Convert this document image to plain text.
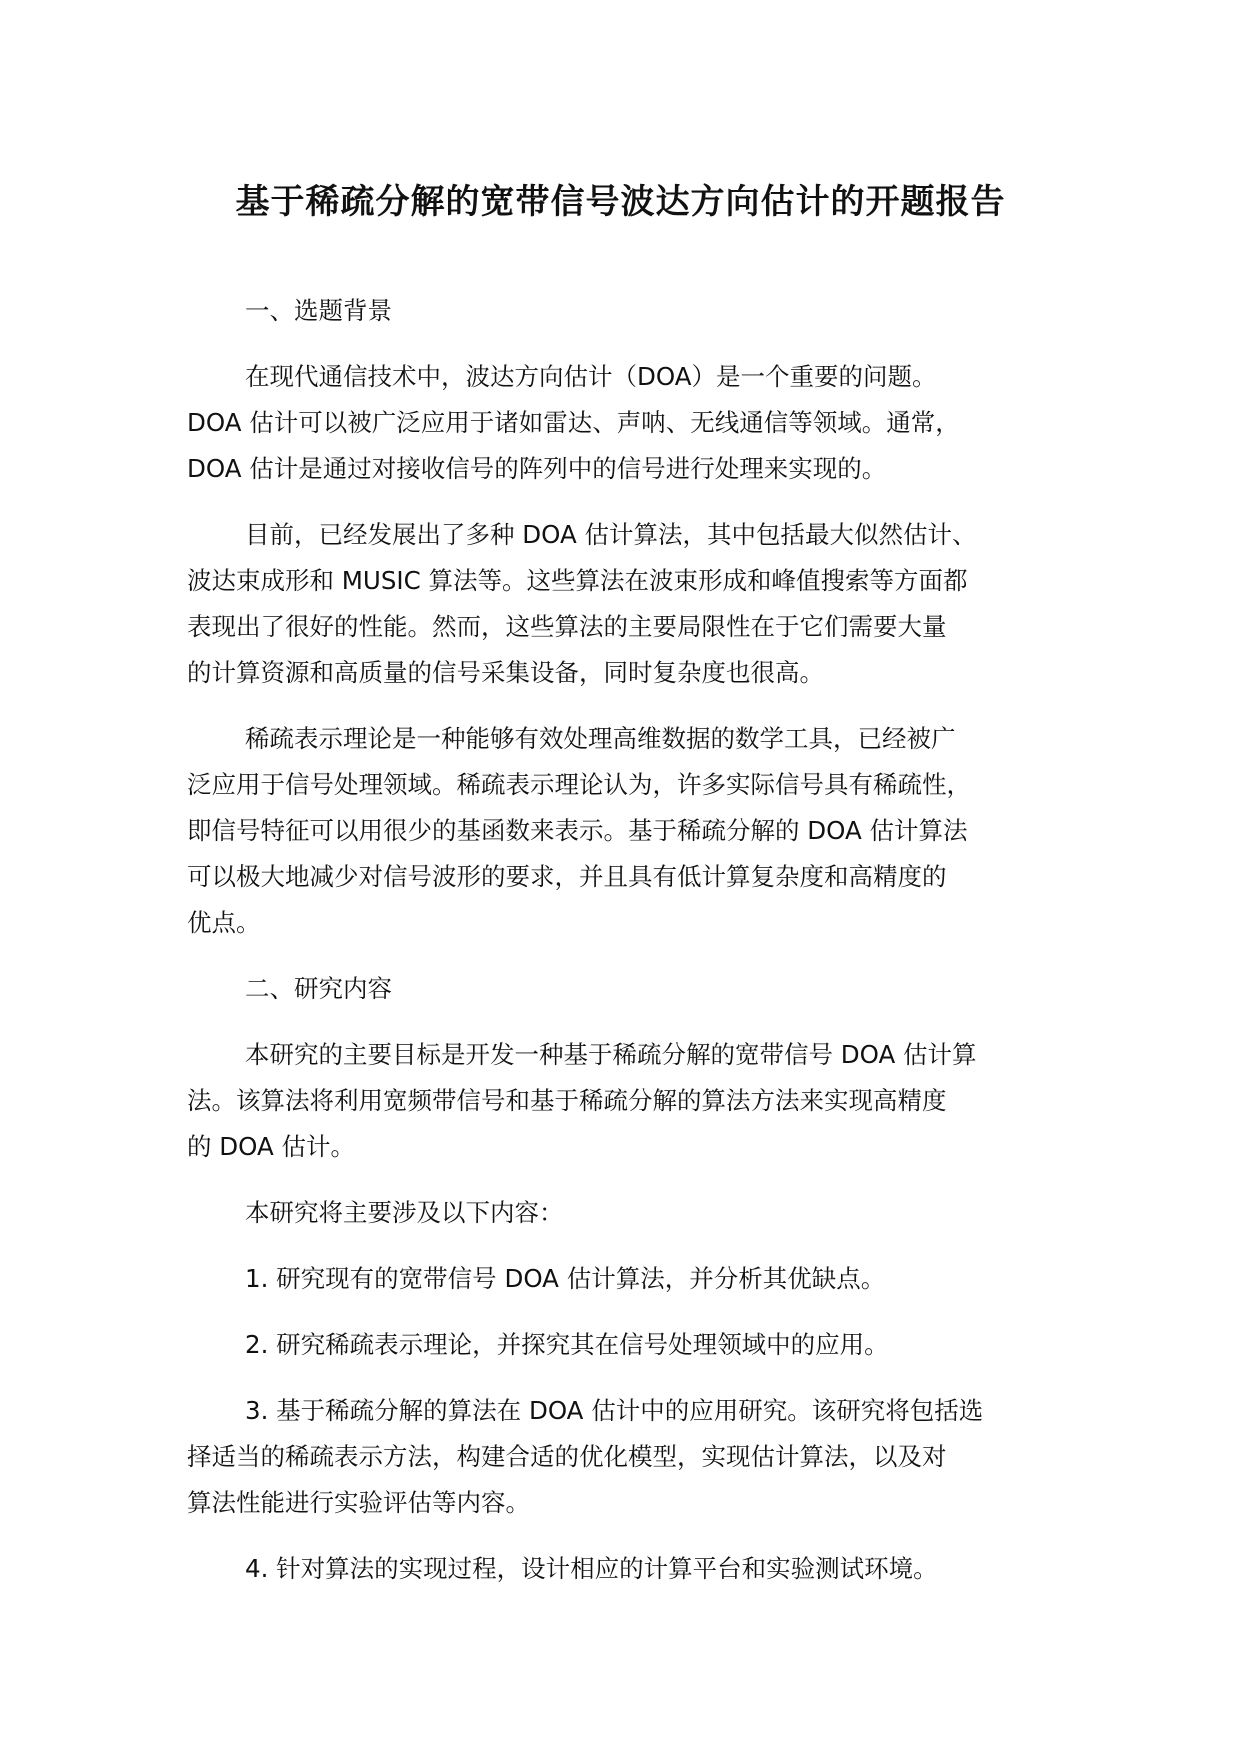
基于稀疏分解的宽带信号波达方向估计的开题报告
一、选题背景

在现代通信技术中，波达方向估计（DOA）是一个重要的问题。
DOA 估计可以被广泛应用于诸如雷达、声呐、无线通信等领域。通常，
DOA 估计是通过对接收信号的阵列中的信号进行处理来实现的。

目前，已经发展出了多种 DOA 估计算法，其中包括最大似然估计、
波达束成形和 MUSIC 算法等。这些算法在波束形成和峰值搜索等方面都
表现出了很好的性能。然而，这些算法的主要局限性在于它们需要大量
的计算资源和高质量的信号采集设备，同时复杂度也很高。

稀疏表示理论是一种能够有效处理高维数据的数学工具，已经被广
泛应用于信号处理领域。稀疏表示理论认为，许多实际信号具有稀疏性，
即信号特征可以用很少的基函数来表示。基于稀疏分解的 DOA 估计算法
可以极大地减少对信号波形的要求，并且具有低计算复杂度和高精度的
优点。

二、研究内容

本研究的主要目标是开发一种基于稀疏分解的宽带信号 DOA 估计算
法。该算法将利用宽频带信号和基于稀疏分解的算法方法来实现高精度
的 DOA 估计。

本研究将主要涉及以下内容：

1. 研究现有的宽带信号 DOA 估计算法，并分析其优缺点。

2. 研究稀疏表示理论，并探究其在信号处理领域中的应用。

3. 基于稀疏分解的算法在 DOA 估计中的应用研究。该研究将包括选
择适当的稀疏表示方法，构建合适的优化模型，实现估计算法，以及对
算法性能进行实验评估等内容。

4. 针对算法的实现过程，设计相应的计算平台和实验测试环境。
